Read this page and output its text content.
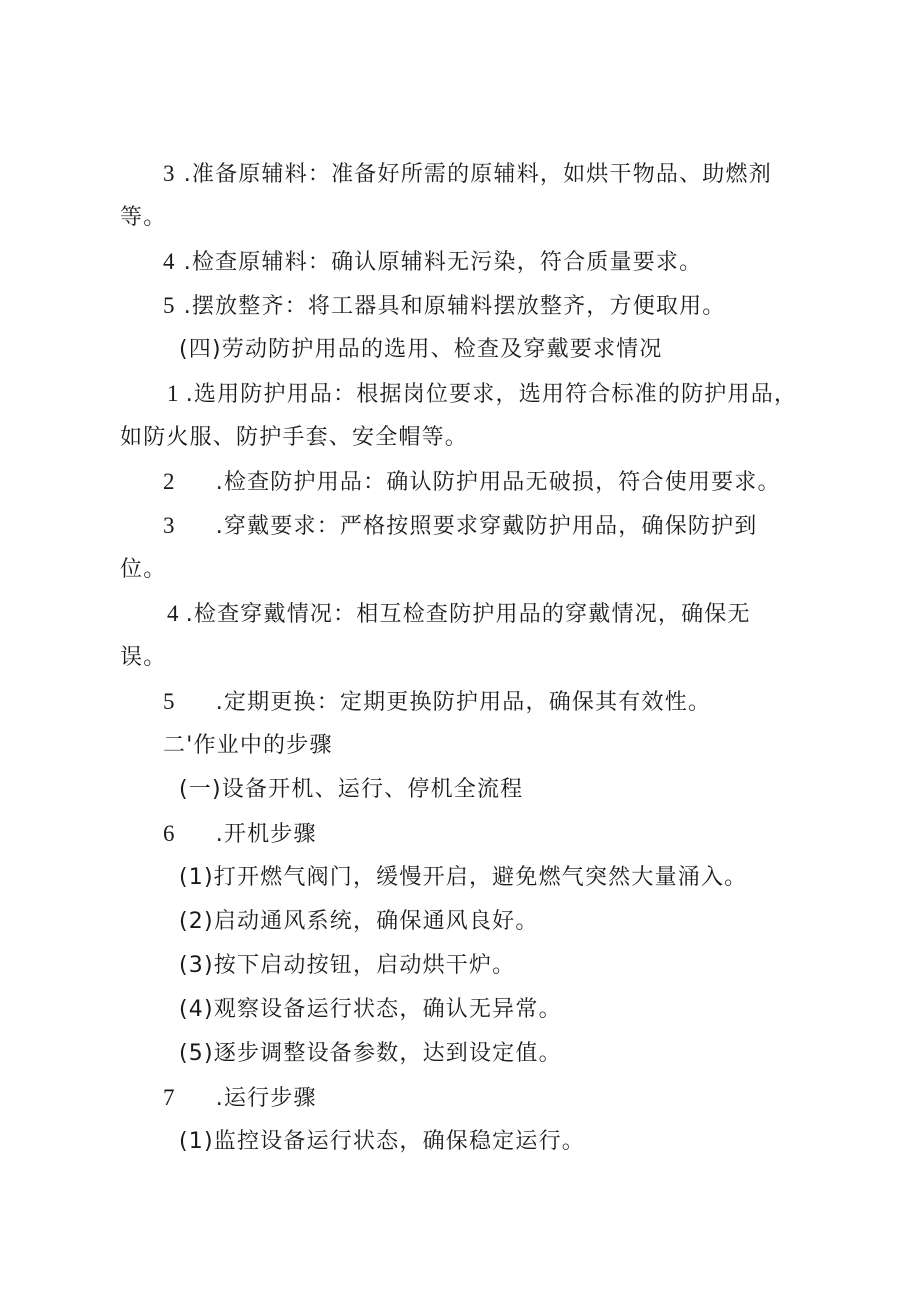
3 .准备原辅料：准备好所需的原辅料，如烘干物品、助燃剂
等。
4 .检查原辅料：确认原辅料无污染，符合质量要求。
5 .摆放整齐：将工器具和原辅料摆放整齐，方便取用。
(四)劳动防护用品的选用、检查及穿戴要求情况
1 .选用防护用品：根据岗位要求，选用符合标准的防护用品，
如防火服、防护手套、安全帽等。
2 .检查防护用品：确认防护用品无破损，符合使用要求。
3 .穿戴要求：严格按照要求穿戴防护用品，确保防护到
位。
4 .检查穿戴情况：相互检查防护用品的穿戴情况，确保无
误。
5 .定期更换：定期更换防护用品，确保其有效性。
二'作业中的步骤
(一)设备开机、运行、停机全流程
6 .开机步骤
(1)打开燃气阀门，缓慢开启，避免燃气突然大量涌入。
(2)启动通风系统，确保通风良好。
(3)按下启动按钮，启动烘干炉。
(4)观察设备运行状态，确认无异常。
(5)逐步调整设备参数，达到设定值。
7 .运行步骤
(1)监控设备运行状态，确保稳定运行。
